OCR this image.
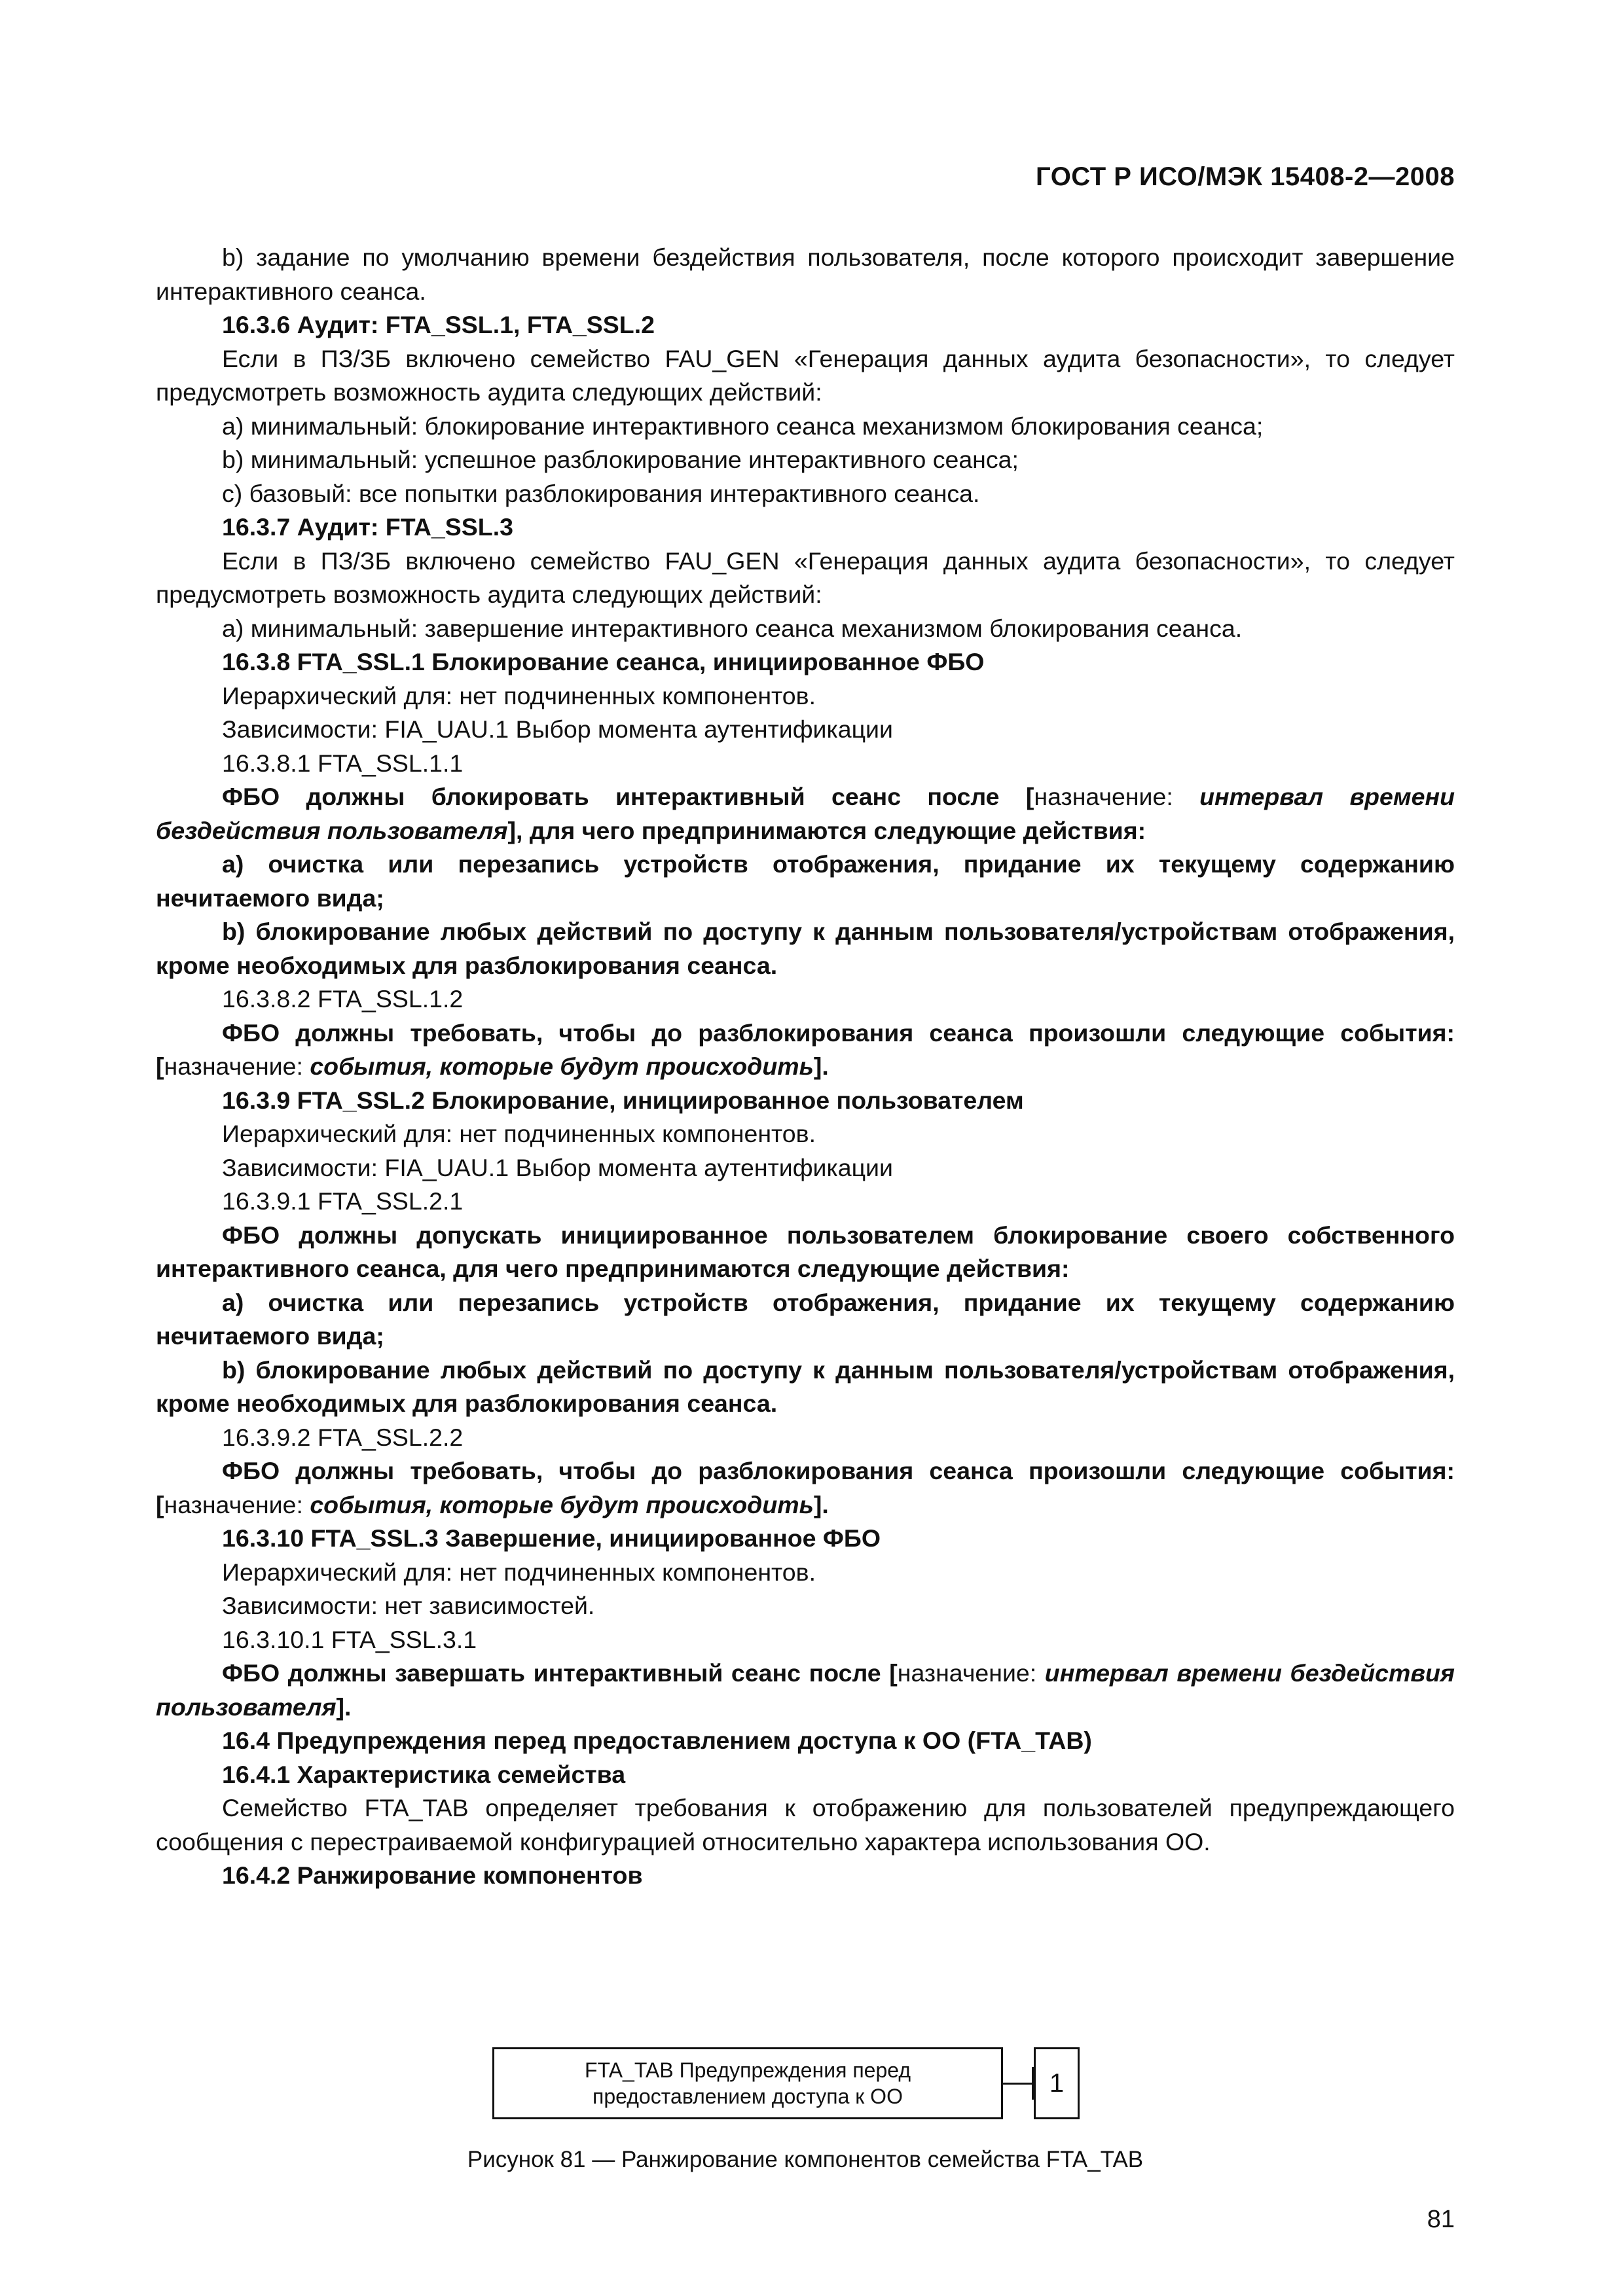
ГОСТ Р ИСО/МЭК 15408-2—2008

b) задание по умолчанию времени бездействия пользователя, после которого происходит завершение интерактивного сеанса.

16.3.6 Аудит: FTA_SSL.1, FTA_SSL.2

Если в ПЗ/ЗБ включено семейство FAU_GEN «Генерация данных аудита безопасности», то следует предусмотреть возможность аудита следующих действий:

a) минимальный: блокирование интерактивного сеанса механизмом блокирования сеанса;

b) минимальный: успешное разблокирование интерактивного сеанса;

c) базовый: все попытки разблокирования интерактивного сеанса.

16.3.7 Аудит: FTA_SSL.3

Если в ПЗ/ЗБ включено семейство FAU_GEN «Генерация данных аудита безопасности», то следует предусмотреть возможность аудита следующих действий:

a) минимальный: завершение интерактивного сеанса механизмом блокирования сеанса.

16.3.8 FTA_SSL.1 Блокирование сеанса, инициированное ФБО

Иерархический для: нет подчиненных компонентов.

Зависимости: FIA_UAU.1 Выбор момента аутентификации

16.3.8.1 FTA_SSL.1.1

ФБО должны блокировать интерактивный сеанс после [назначение: интервал времени бездействия пользователя], для чего предпринимаются следующие действия:

a) очистка или перезапись устройств отображения, придание их текущему содержанию нечитаемого вида;

b) блокирование любых действий по доступу к данным пользователя/устройствам отображения, кроме необходимых для разблокирования сеанса.

16.3.8.2 FTA_SSL.1.2

ФБО должны требовать, чтобы до разблокирования сеанса произошли следующие события: [назначение: события, которые будут происходить].

16.3.9 FTA_SSL.2 Блокирование, инициированное пользователем

Иерархический для: нет подчиненных компонентов.

Зависимости: FIA_UAU.1 Выбор момента аутентификации

16.3.9.1 FTA_SSL.2.1

ФБО должны допускать инициированное пользователем блокирование своего собственного интерактивного сеанса, для чего предпринимаются следующие действия:

a) очистка или перезапись устройств отображения, придание их текущему содержанию нечитаемого вида;

b) блокирование любых действий по доступу к данным пользователя/устройствам отображения, кроме необходимых для разблокирования сеанса.

16.3.9.2 FTA_SSL.2.2

ФБО должны требовать, чтобы до разблокирования сеанса произошли следующие события: [назначение: события, которые будут происходить].

16.3.10 FTA_SSL.3 Завершение, инициированное ФБО

Иерархический для: нет подчиненных компонентов.

Зависимости: нет зависимостей.

16.3.10.1 FTA_SSL.3.1

ФБО должны завершать интерактивный сеанс после [назначение: интервал времени бездействия пользователя].

16.4 Предупреждения перед предоставлением доступа к ОО (FTA_TAB)

16.4.1 Характеристика семейства

Семейство FTA_TAB определяет требования к отображению для пользователей предупреждающего сообщения с перестраиваемой конфигурацией относительно характера использования ОО.

16.4.2 Ранжирование компонентов

FTA_TAB Предупреждения перед
предоставлением доступа к ОО	1
Рисунок 81 — Ранжирование компонентов семейства FTA_TAB
81
